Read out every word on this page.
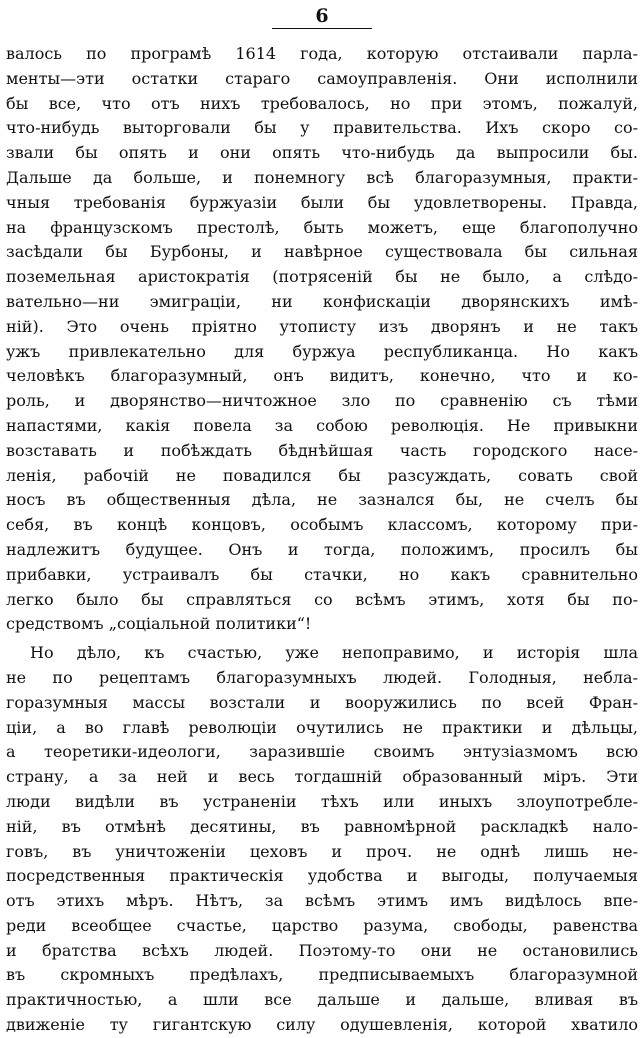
6
валось по програмѣ 1614 года, которую отстаивали парла-
менты—эти остатки стараго самоуправленія. Они исполнили
бы все, что отъ нихъ требовалось, но при этомъ, пожалуй,
что-нибудь выторговали бы у правительства. Ихъ скоро со-
звали бы опять и они опять что-нибудь да выпросили бы.
Дальше да больше, и понемногу всѣ благоразумныя, практи-
чныя требованія буржуазіи были бы удовлетворены. Правда,
на французскомъ престолѣ, быть можетъ, еще благополучно
засѣдали бы Бурбоны, и навѣрное существовала бы сильная
поземельная аристократія (потрясеній бы не было, а слѣдо-
вательно—ни эмиграціи, ни конфискаціи дворянскихъ имѣ-
ній). Это очень пріятно утописту изъ дворянъ и не такъ
ужъ привлекательно для буржуа республиканца. Но какъ
человѣкъ благоразумный, онъ видитъ, конечно, что и ко-
роль, и дворянство—ничтожное зло по сравненію съ тѣми
напастями, какія повела за собою революція. Не привыкни
возставать и побѣждать бѣднѣйшая часть городского насе-
ленія, рабочій не повадился бы разсуждать, совать свой
носъ въ общественныя дѣла, не зазнался бы, не счелъ бы
себя, въ концѣ концовъ, особымъ классомъ, которому при-
надлежитъ будущее. Онъ и тогда, положимъ, просилъ бы
прибавки, устраивалъ бы стачки, но какъ сравнительно
легко было бы справляться со всѣмъ этимъ, хотя бы по-
средствомъ „соціальной политики“!
Но дѣло, къ счастью, уже непоправимо, и исторія шла
не по рецептамъ благоразумныхъ людей. Голодныя, небла-
горазумныя массы возстали и вооружились по всей Фран-
ціи, а во главѣ революціи очутились не практики и дѣльцы,
а теоретики-идеологи, заразившіе своимъ энтузіазмомъ всю
страну, а за ней и весь тогдашній образованный міръ. Эти
люди видѣли въ устраненіи тѣхъ или иныхъ злоупотребле-
ній, въ отмѣнѣ десятины, въ равномѣрной раскладкѣ нало-
говъ, въ уничтоженіи цеховъ и проч. не однѣ лишь не-
посредственныя практическія удобства и выгоды, получаемыя
отъ этихъ мѣръ. Нѣтъ, за всѣмъ этимъ имъ видѣлось впе-
реди всеобщее счастье, царство разума, свободы, равенства
и братства всѣхъ людей. Поэтому-то они не остановились
въ скромныхъ предѣлахъ, предписываемыхъ благоразумной
практичностью, а шли все дальше и дальше, вливая въ
движеніе ту гигантскую силу одушевленія, которой хватило
